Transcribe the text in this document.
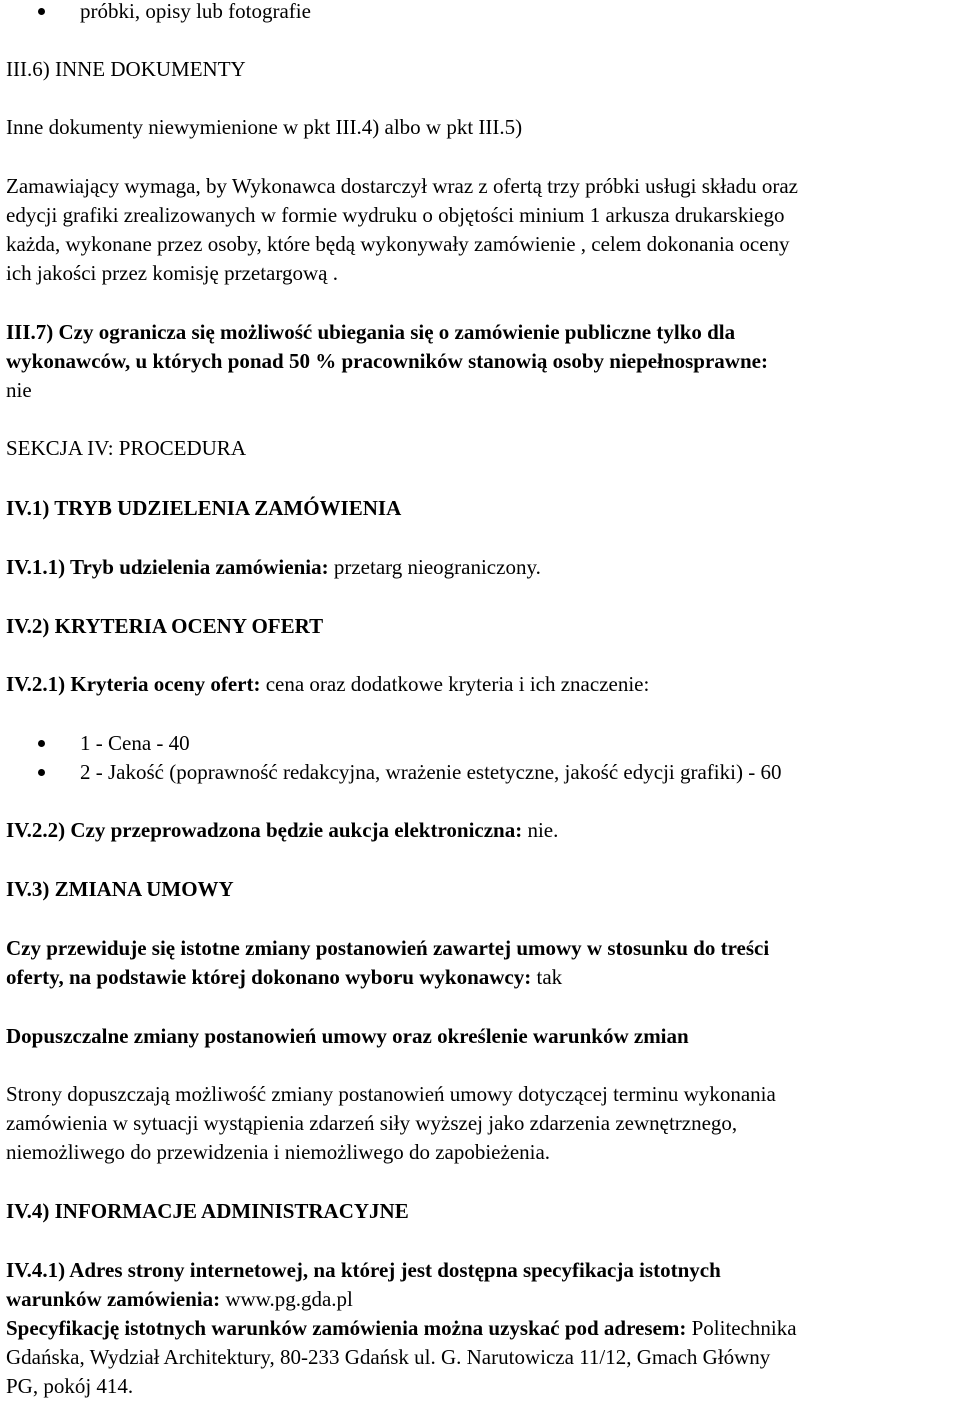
próbki, opisy lub fotografie
III.6) INNE DOKUMENTY
Inne dokumenty niewymienione w pkt III.4) albo w pkt III.5)
Zamawiający wymaga, by Wykonawca dostarczył wraz z ofertą trzy próbki usługi składu oraz
edycji grafiki zrealizowanych w formie wydruku o objętości minium 1 arkusza drukarskiego
każda, wykonane przez osoby, które będą wykonywały zamówienie , celem dokonania oceny
ich jakości przez komisję przetargową .
III.7) Czy ogranicza się możliwość ubiegania się o zamówienie publiczne tylko dla
wykonawców, u których ponad 50 % pracowników stanowią osoby niepełnosprawne:
nie
SEKCJA IV: PROCEDURA
IV.1) TRYB UDZIELENIA ZAMÓWIENIA
IV.1.1) Tryb udzielenia zamówienia: przetarg nieograniczony.
IV.2) KRYTERIA OCENY OFERT
IV.2.1) Kryteria oceny ofert: cena oraz dodatkowe kryteria i ich znaczenie:
1 - Cena - 40
2 - Jakość (poprawność redakcyjna, wrażenie estetyczne, jakość edycji grafiki) - 60
IV.2.2) Czy przeprowadzona będzie aukcja elektroniczna: nie.
IV.3) ZMIANA UMOWY
Czy przewiduje się istotne zmiany postanowień zawartej umowy w stosunku do treści
oferty, na podstawie której dokonano wyboru wykonawcy: tak
Dopuszczalne zmiany postanowień umowy oraz określenie warunków zmian
Strony dopuszczają możliwość zmiany postanowień umowy dotyczącej terminu wykonania
zamówienia w sytuacji wystąpienia zdarzeń siły wyższej jako zdarzenia zewnętrznego,
niemożliwego do przewidzenia i niemożliwego do zapobieżenia.
IV.4) INFORMACJE ADMINISTRACYJNE
IV.4.1) Adres strony internetowej, na której jest dostępna specyfikacja istotnych
warunków zamówienia: www.pg.gda.pl
Specyfikację istotnych warunków zamówienia można uzyskać pod adresem: Politechnika
Gdańska, Wydział Architektury, 80-233 Gdańsk ul. G. Narutowicza 11/12, Gmach Główny
PG, pokój 414.
